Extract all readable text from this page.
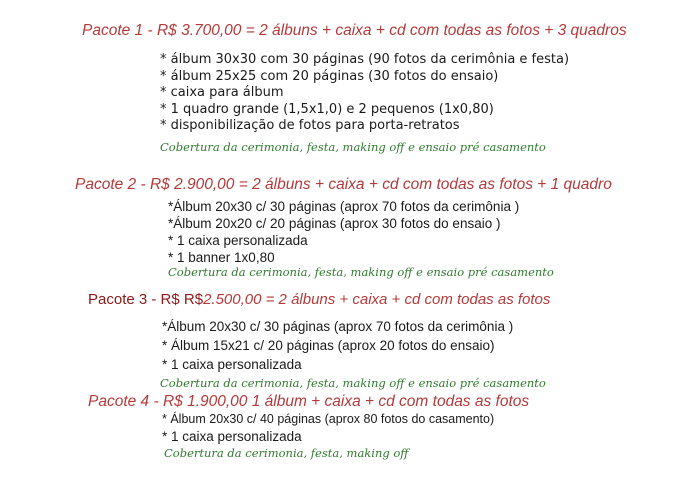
Pacote 1 - R$ 3.700,00 = 2 álbuns + caixa + cd com todas as fotos + 3 quadros
* álbum 30x30 com 30 páginas (90 fotos da cerimônia e festa)
* álbum 25x25 com 20 páginas (30 fotos do ensaio)
* caixa para álbum
* 1 quadro grande (1,5x1,0) e 2 pequenos (1x0,80)
* disponibilização de fotos para porta-retratos
Cobertura da cerimonia, festa, making off e ensaio pré casamento
Pacote 2 - R$ 2.900,00 = 2 álbuns + caixa + cd com todas as fotos + 1 quadro
*Álbum 20x30 c/ 30 páginas (aprox 70 fotos da cerimônia )
*Álbum 20x20 c/ 20 páginas (aprox 30 fotos do ensaio )
* 1 caixa personalizada
* 1 banner 1x0,80
Cobertura da cerimonia, festa, making off e ensaio pré casamento
Pacote 3 - R$ R$2.500,00 = 2 álbuns + caixa + cd com todas as fotos
*Álbum 20x30 c/ 30 páginas (aprox 70 fotos da cerimônia )
* Álbum 15x21 c/ 20 páginas (aprox 20 fotos do ensaio)
* 1 caixa personalizada
Cobertura da cerimonia, festa, making off e ensaio pré casamento
Pacote 4 - R$ 1.900,00 1 álbum + caixa + cd com todas as fotos
* Álbum 20x30 c/ 40 páginas (aprox 80 fotos do casamento)
* 1 caixa personalizada
Cobertura da cerimonia, festa, making off
